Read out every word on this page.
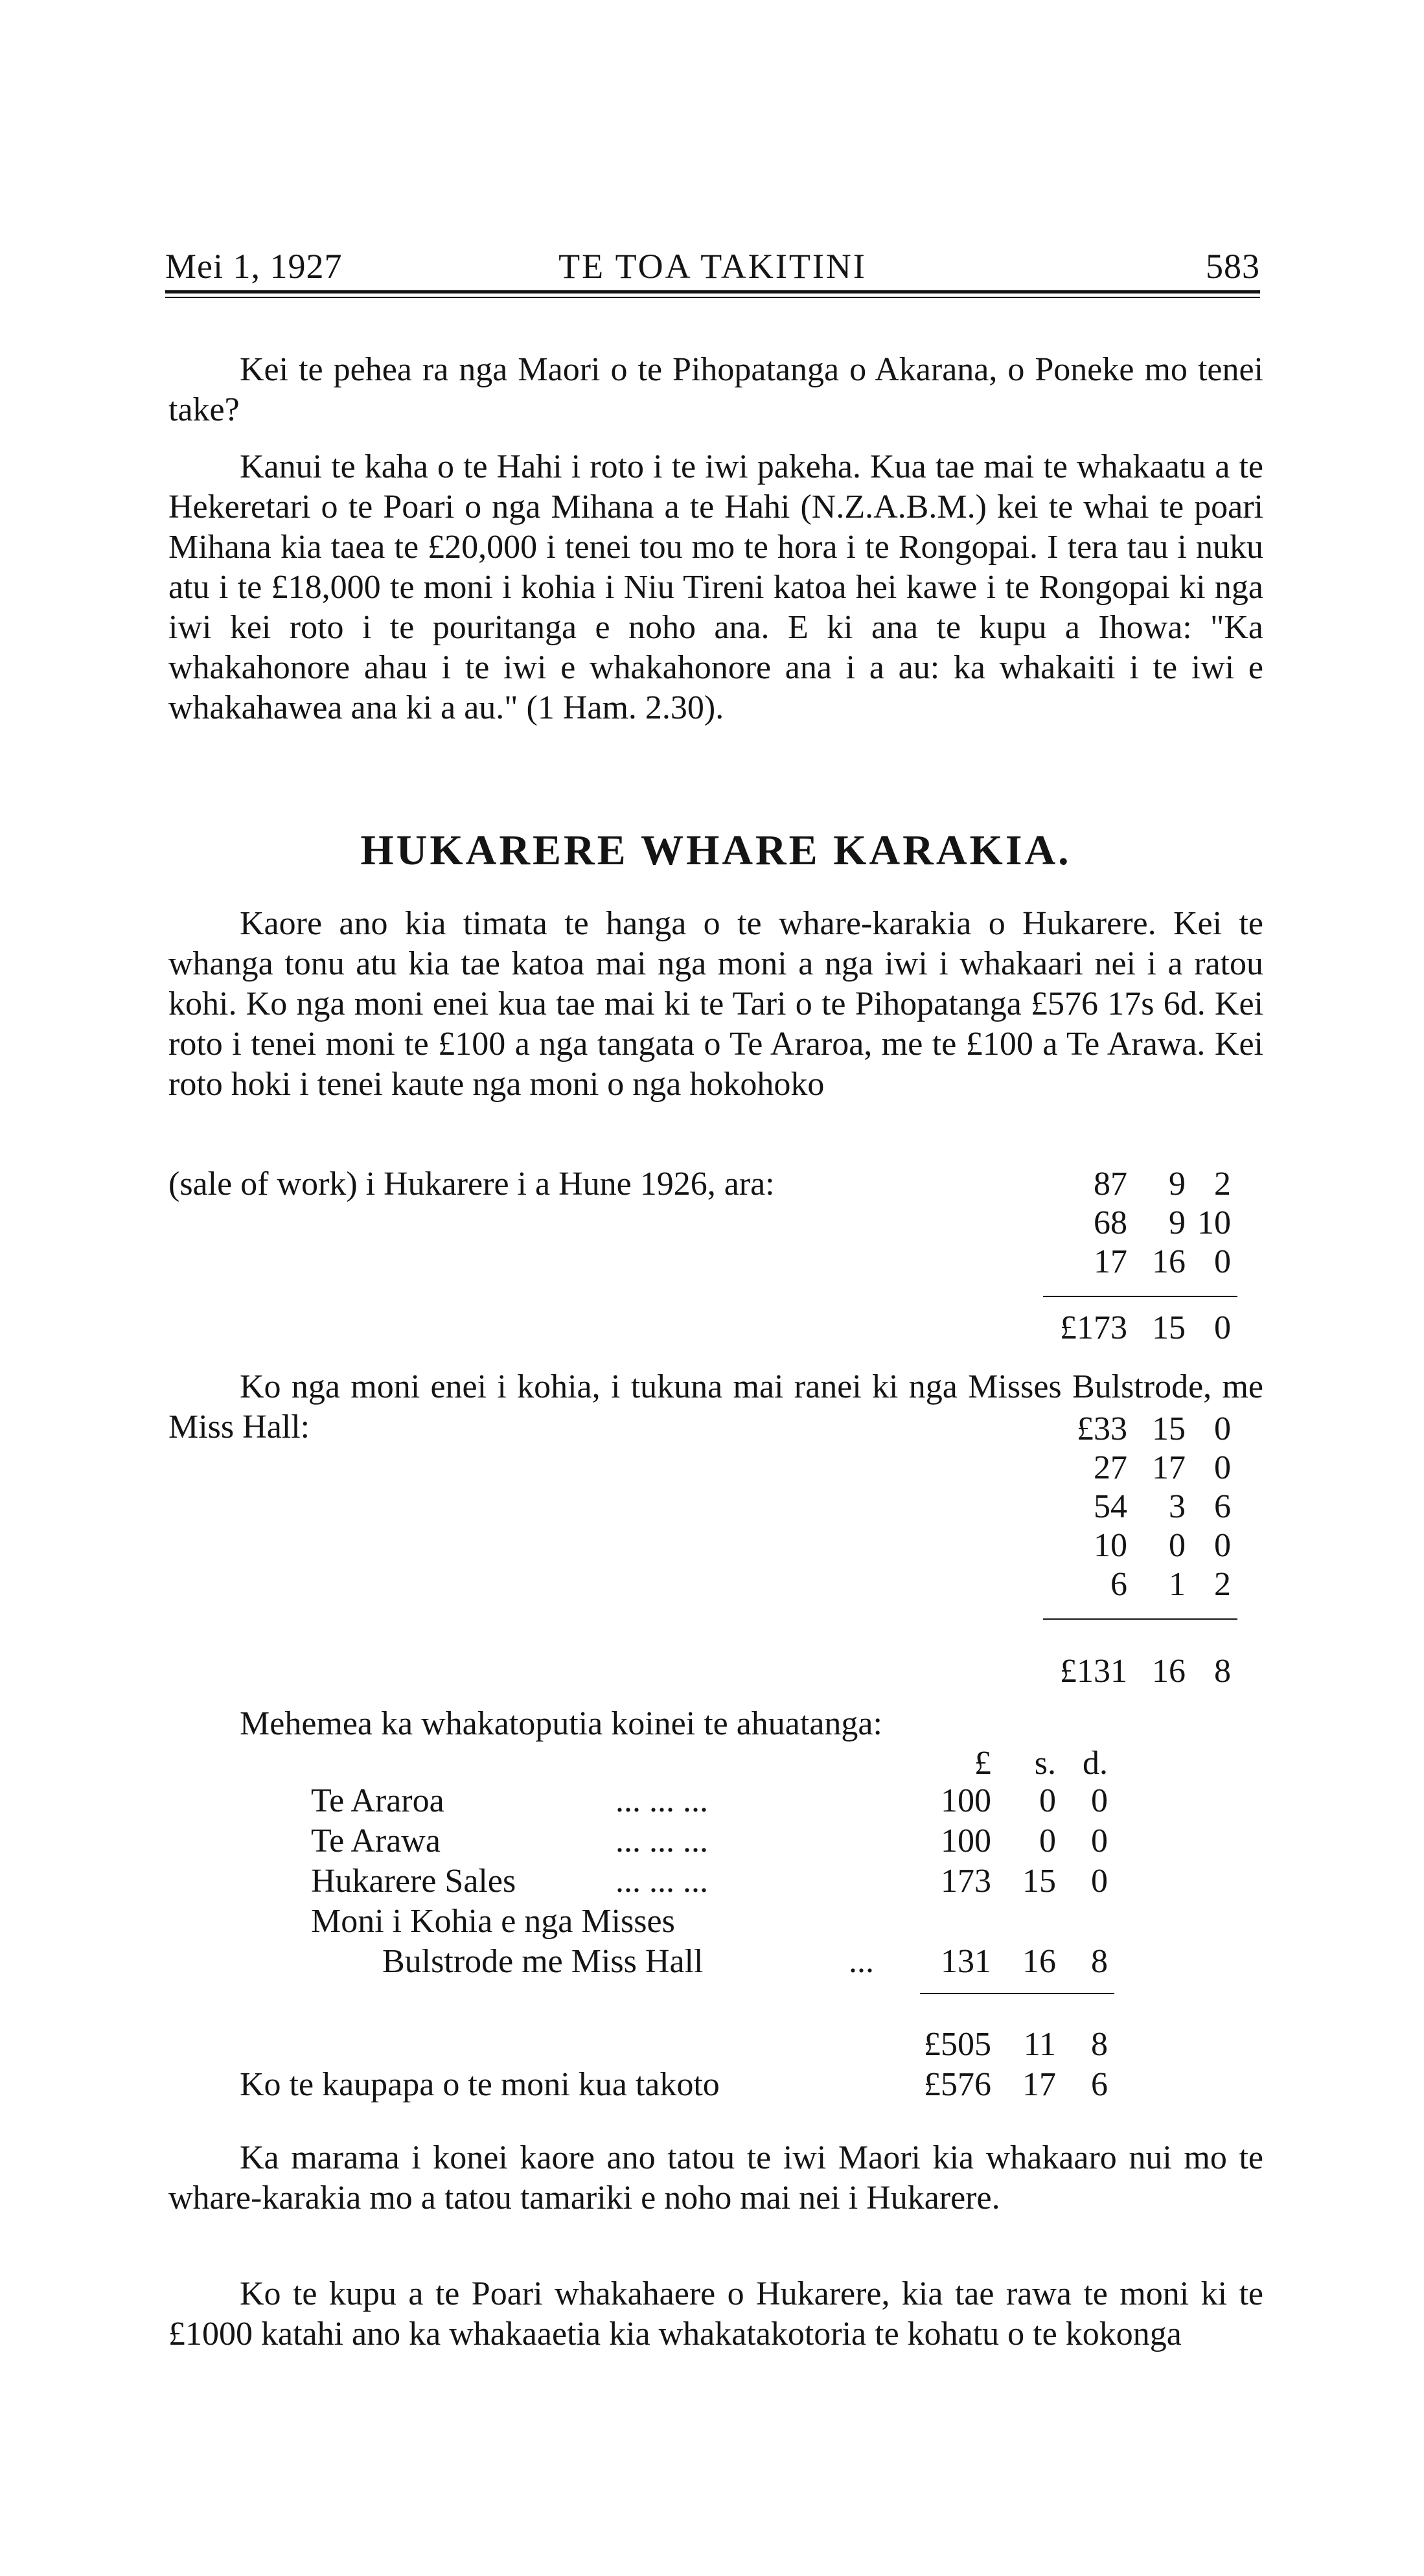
Mei 1, 1927	TE TOA TAKITINI	583

Kei te pehea ra nga Maori o te Pihopatanga o Akarana, o Poneke mo tenei take?

Kanui te kaha o te Hahi i roto i te iwi pakeha. Kua tae mai te whakaatu a te Hekeretari o te Poari o nga Mihana a te Hahi (N.Z.A.B.M.) kei te whai te poari Mihana kia taea te £20,000 i tenei tou mo te hora i te Rongopai. I tera tau i nuku atu i te £18,000 te moni i kohia i Niu Tireni katoa hei kawe i te Rongopai ki nga iwi kei roto i te pouritanga e noho ana. E ki ana te kupu a Ihowa: "Ka whakahonore ahau i te iwi e whakahonore ana i a au: ka whakaiti i te iwi e whakahawea ana ki a au." (1 Ham. 2.30).

HUKARERE WHARE KARAKIA.

Kaore ano kia timata te hanga o te whare-karakia o Hukarere. Kei te whanga tonu atu kia tae katoa mai nga moni a nga iwi i whakaari nei i a ratou kohi. Ko nga moni enei kua tae mai ki te Tari o te Pihopatanga £576 17s 6d. Kei roto i tenei moni te £100 a nga tangata o Te Araroa, me te £100 a Te Arawa. Kei roto hoki i tenei kaute nga moni o nga hokohoko

(sale of work) i Hukarere i a Hune 1926, ara:	87	9 2
68	9 10
17 16 0
£173 15 0

Ko nga moni enei i kohia, i tukuna mai ranei ki nga Misses Bulstrode, me Miss Hall:	£33 15 0
27 17 0
54	3 6
10	0 0
6	1 2
£131 16 8
Mehemea ka whakatoputia koinei te ahuatanga:
£	s. d.
Te Araroa	... ... ...	100	0	0
Te Arawa	... ... ...	100	0	0
Hukarere Sales	... ... ...	173 15	0
Moni i Kohia e nga Misses
Bulstrode me Miss Hall	...	131 16	8
£505 11	8
Ko te kaupapa o te moni kua takoto	£576 17	6

Ka marama i konei kaore ano tatou te iwi Maori kia whakaaro nui mo te whare-karakia mo a tatou tamariki e noho mai nei i Hukarere.

Ko te kupu a te Poari whakahaere o Hukarere, kia tae rawa te moni ki te £1000 katahi ano ka whakaaetia kia whakatakotoria te kohatu o te kokonga
